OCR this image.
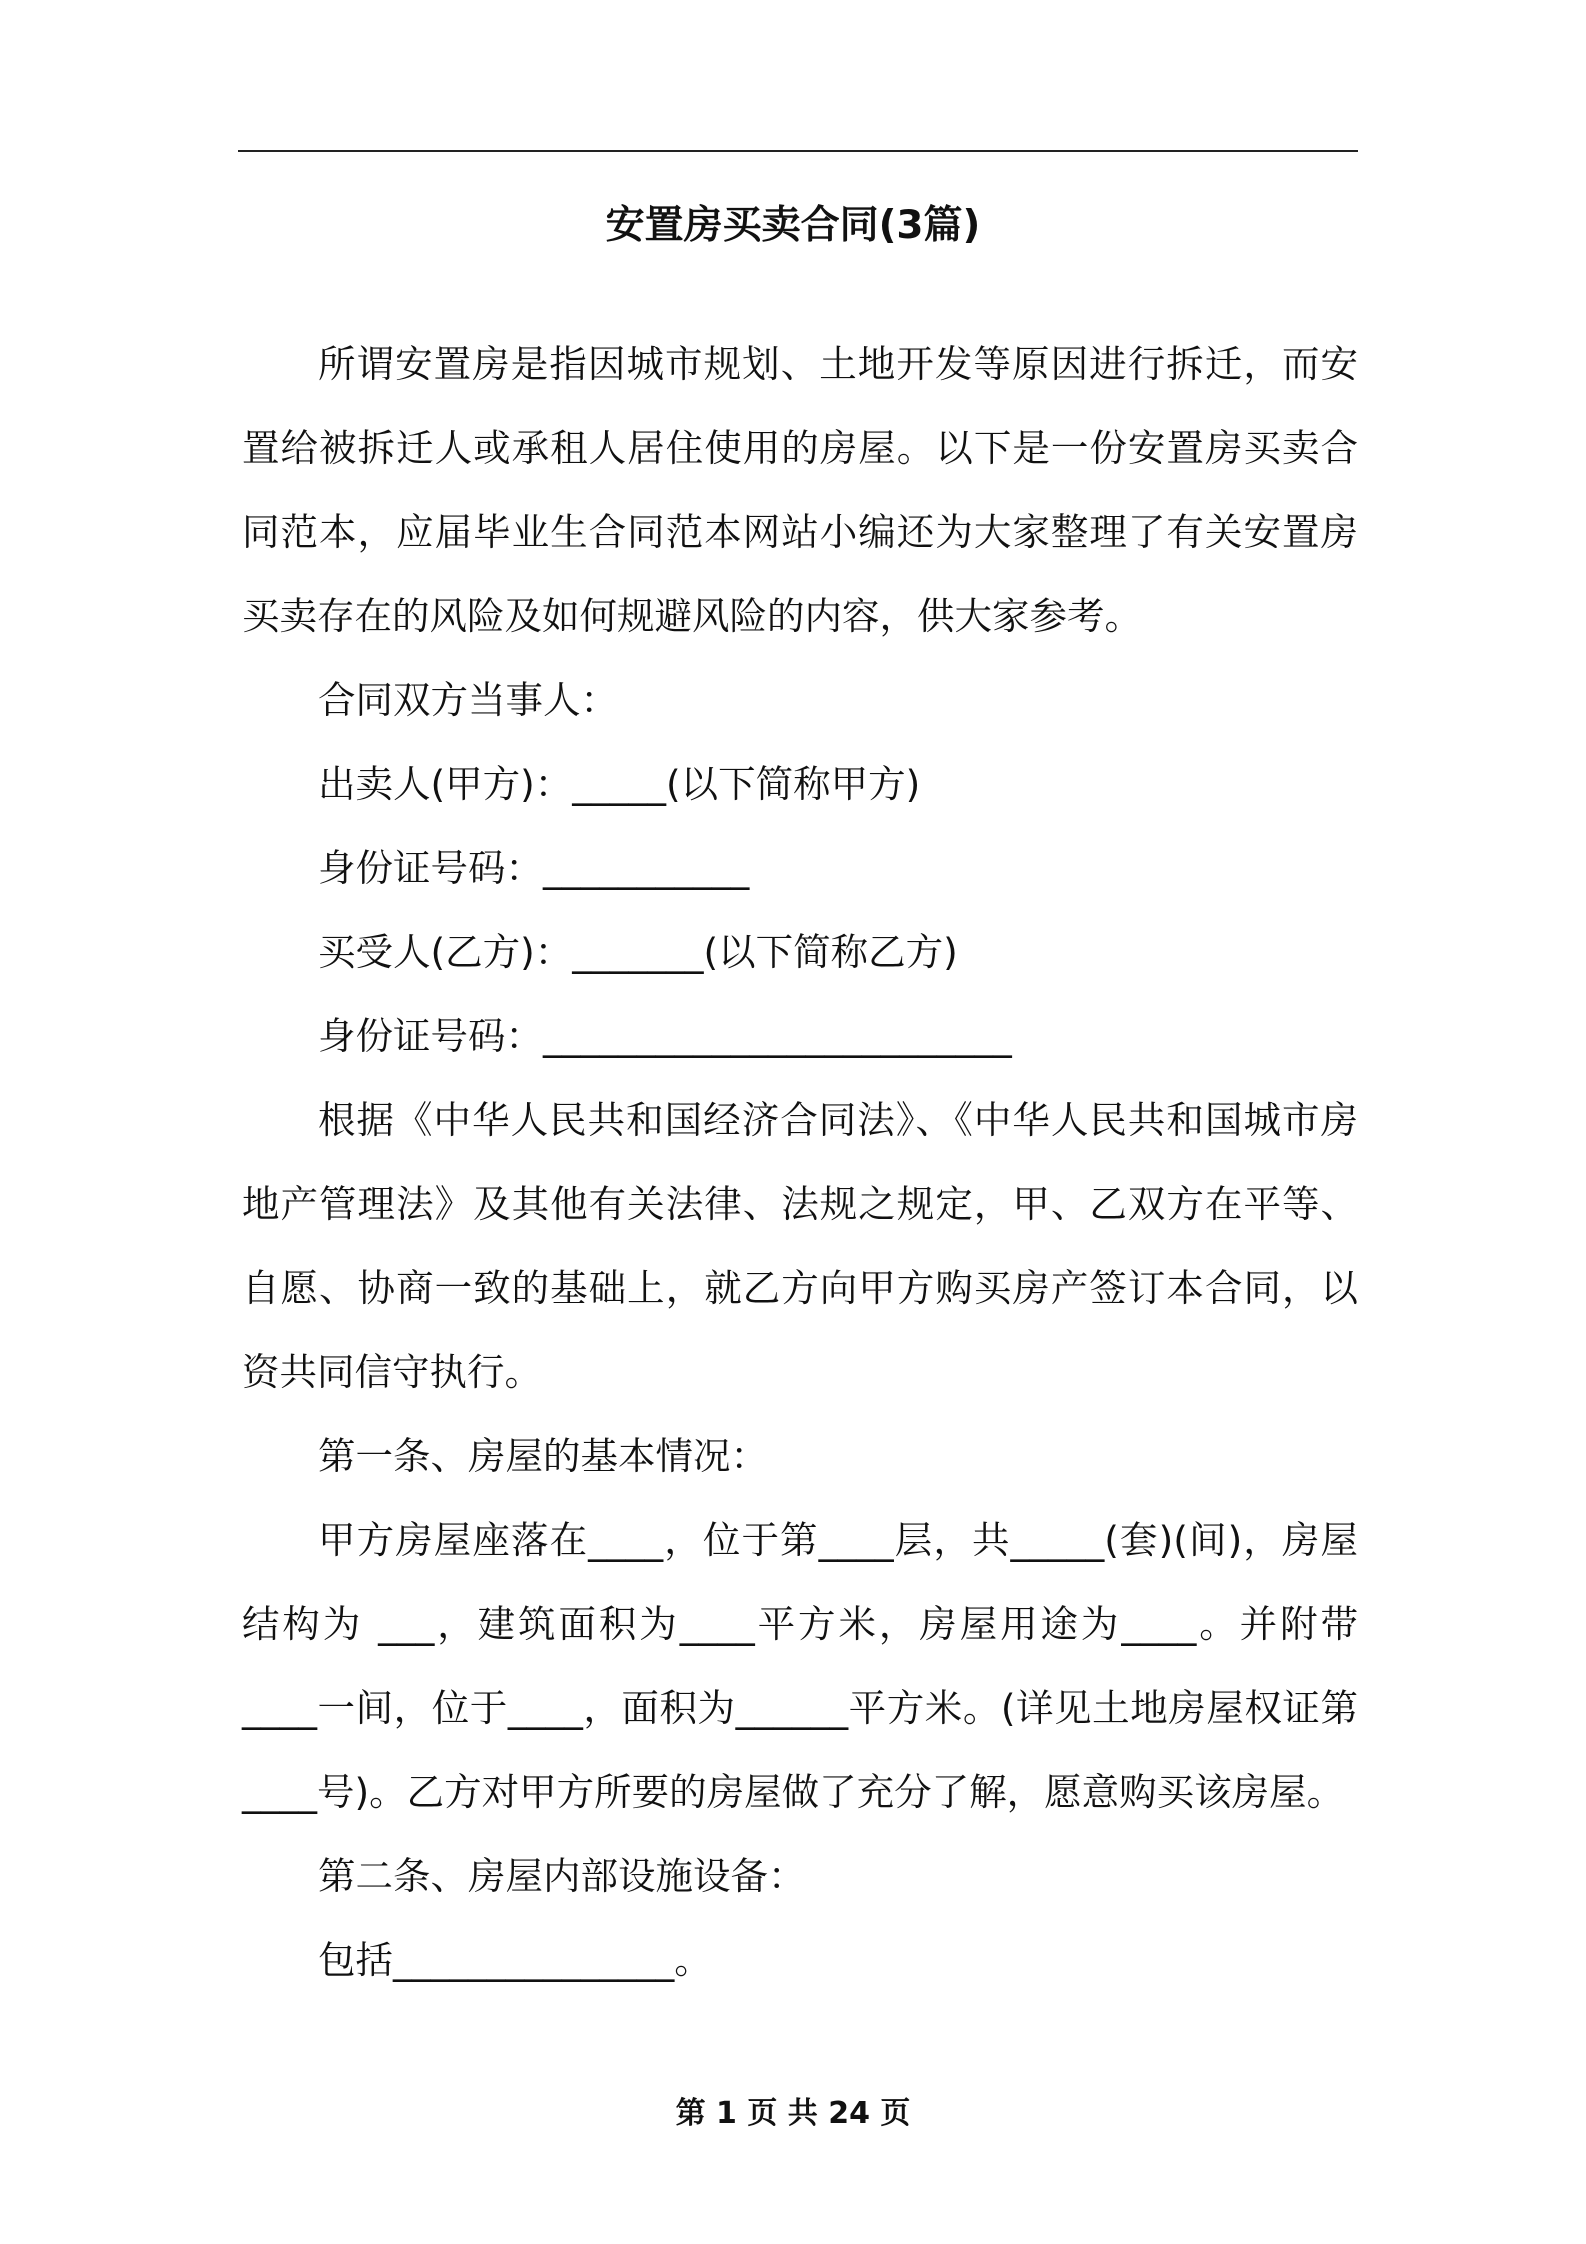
安置房买卖合同(3篇)

所谓安置房是指因城市规划、土地开发等原因进行拆迁，而安置给被拆迁人或承租人居住使用的房屋。以下是一份安置房买卖合同范本，应届毕业生合同范本网站小编还为大家整理了有关安置房买卖存在的风险及如何规避风险的内容，供大家参考。

合同双方当事人：

出卖人(甲方)：_____(以下简称甲方)

身份证号码：___________

买受人(乙方)：_______(以下简称乙方)

身份证号码：_________________________

根据《中华人民共和国经济合同法》、《中华人民共和国城市房地产管理法》及其他有关法律、法规之规定，甲、乙双方在平等、自愿、协商一致的基础上，就乙方向甲方购买房产签订本合同，以资共同信守执行。

第一条、房屋的基本情况：

甲方房屋座落在____，位于第____层，共_____(套)(间)，房屋结构为 ___，建筑面积为____平方米，房屋用途为____。并附带____一间，位于____，面积为______平方米。(详见土地房屋权证第____号)。乙方对甲方所要的房屋做了充分了解，愿意购买该房屋。

第二条、房屋内部设施设备：

包括_______________。

第 1 页 共 24 页
